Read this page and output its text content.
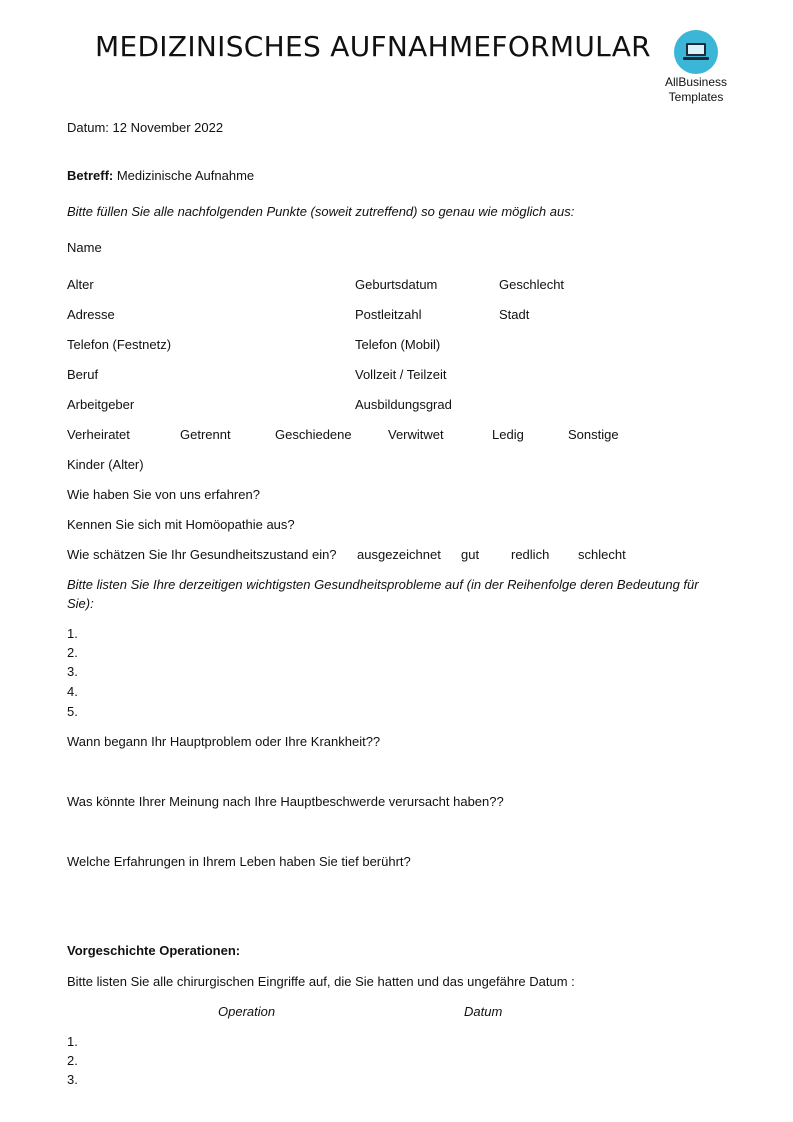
MEDIZINISCHES AUFNAHMEFORMULAR
AllBusiness
Templates
Datum: 12 November 2022
Betreff: Medizinische Aufnahme
Bitte füllen Sie alle nachfolgenden Punkte (soweit zutreffend) so genau wie möglich aus:
Name
Alter	Geburtsdatum	Geschlecht
Adresse	Postleitzahl	Stadt
Telefon (Festnetz)	Telefon (Mobil)
Beruf	Vollzeit / Teilzeit
Arbeitgeber	Ausbildungsgrad
Verheiratet	Getrennt	Geschiedene	Verwitwet	Ledig	Sonstige
Kinder (Alter)
Wie haben Sie von uns erfahren?
Kennen Sie sich mit Homöopathie aus?
Wie schätzen Sie Ihr Gesundheitszustand ein? ausgezeichnet gut redlich schlecht
Bitte listen Sie Ihre derzeitigen wichtigsten Gesundheitsprobleme auf (in der Reihenfolge deren Bedeutung für
Sie):
1.
2.
3.
4.
5.
Wann begann Ihr Hauptproblem oder Ihre Krankheit??
Was könnte Ihrer Meinung nach Ihre Hauptbeschwerde verursacht haben??
Welche Erfahrungen in Ihrem Leben haben Sie tief berührt?
Vorgeschichte Operationen:
Bitte listen Sie alle chirurgischen Eingriffe auf, die Sie hatten und das ungefähre Datum :
Operation	Datum
1.
2.
3.
